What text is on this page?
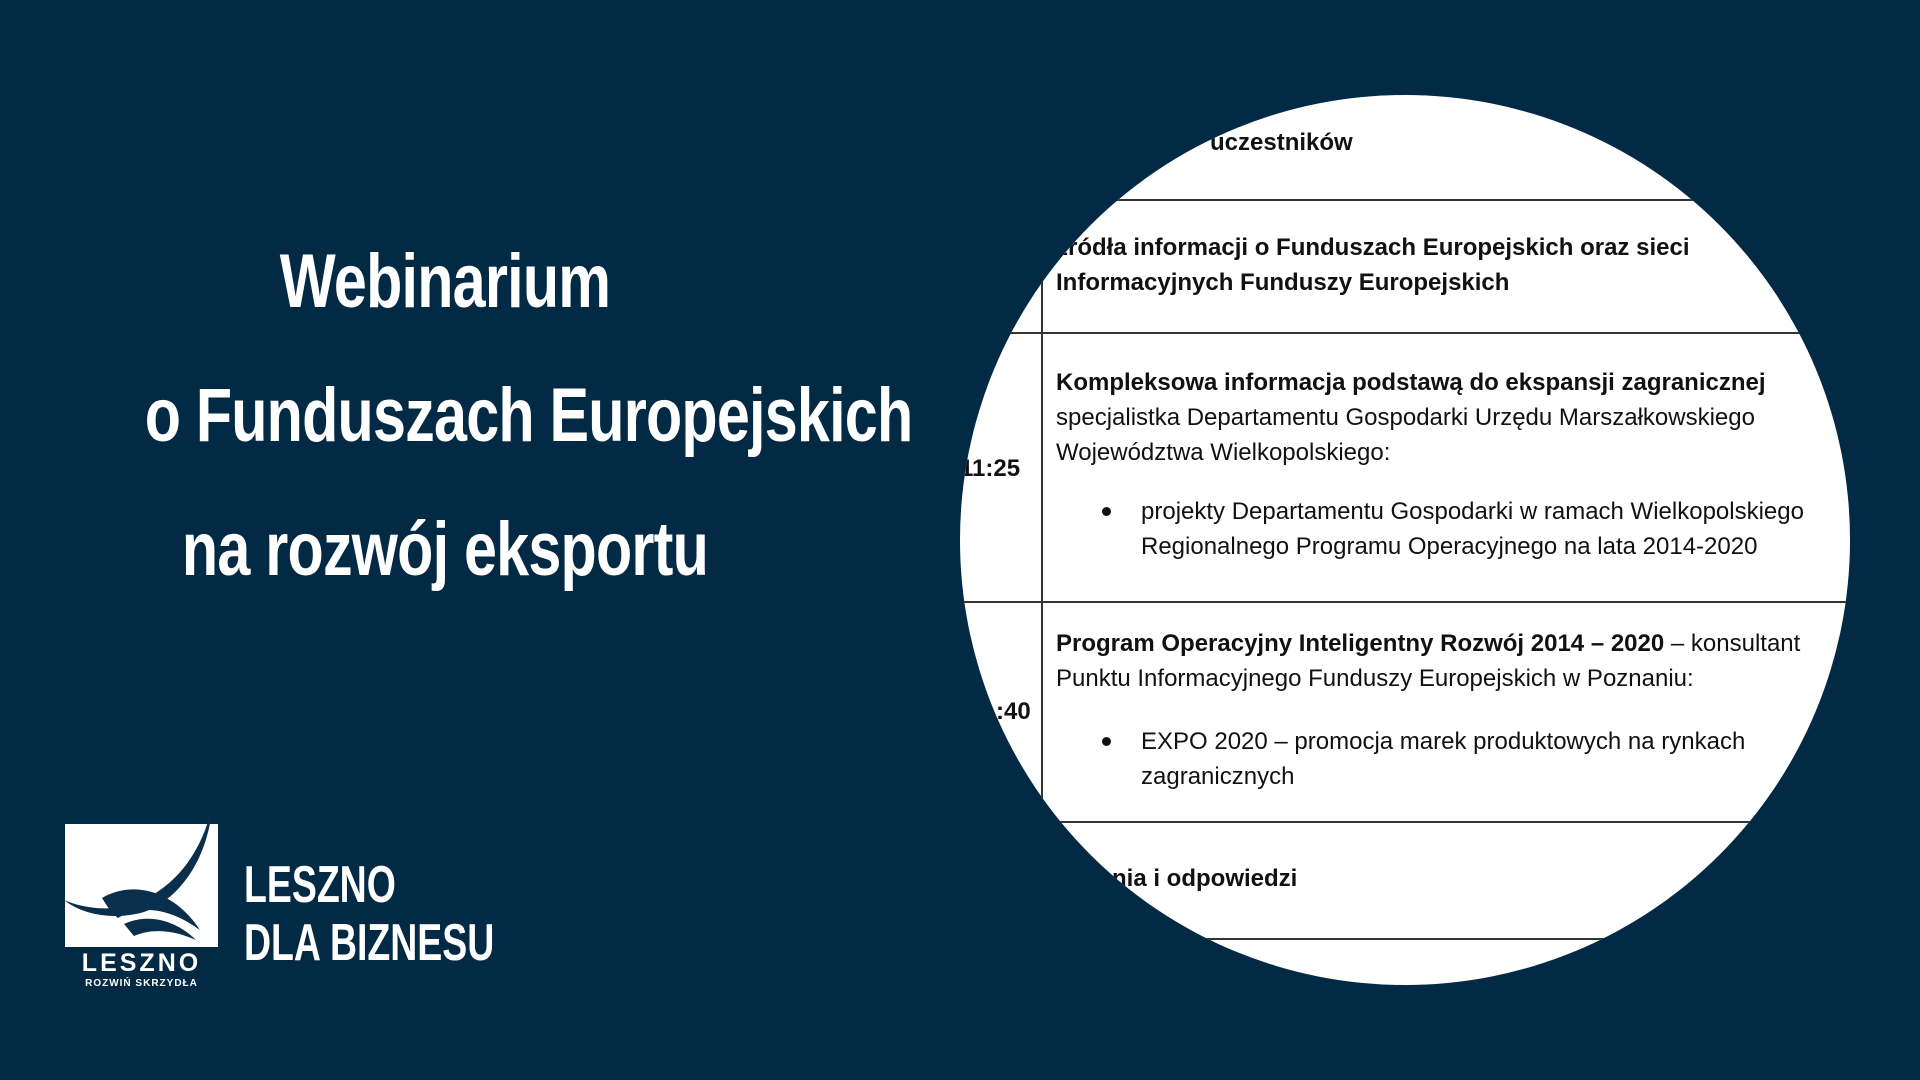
Webinarium
o Funduszach Europejskich
na rozwój eksportu
LESZNO
ROZWIŃ SKRZYDŁA
LESZNO
DLA BIZNESU
uczestników
źródła informacji o Funduszach Europejskich oraz sieci
Informacyjnych Funduszy Europejskich
11:25
Kompleksowa informacja podstawą do ekspansji zagranicznej
specjalistka Departamentu Gospodarki Urzędu Marszałkowskiego
Województwa Wielkopolskiego:
projekty Departamentu Gospodarki w ramach Wielkopolskiego
Regionalnego Programu Operacyjnego na lata 2014-2020
:40
Program Operacyjny Inteligentny Rozwój 2014 – 2020 – konsultant
Punktu Informacyjnego Funduszy Europejskich w Poznaniu:
EXPO 2020 – promocja marek produktowych na rynkach
zagranicznych
nia i odpowiedzi
